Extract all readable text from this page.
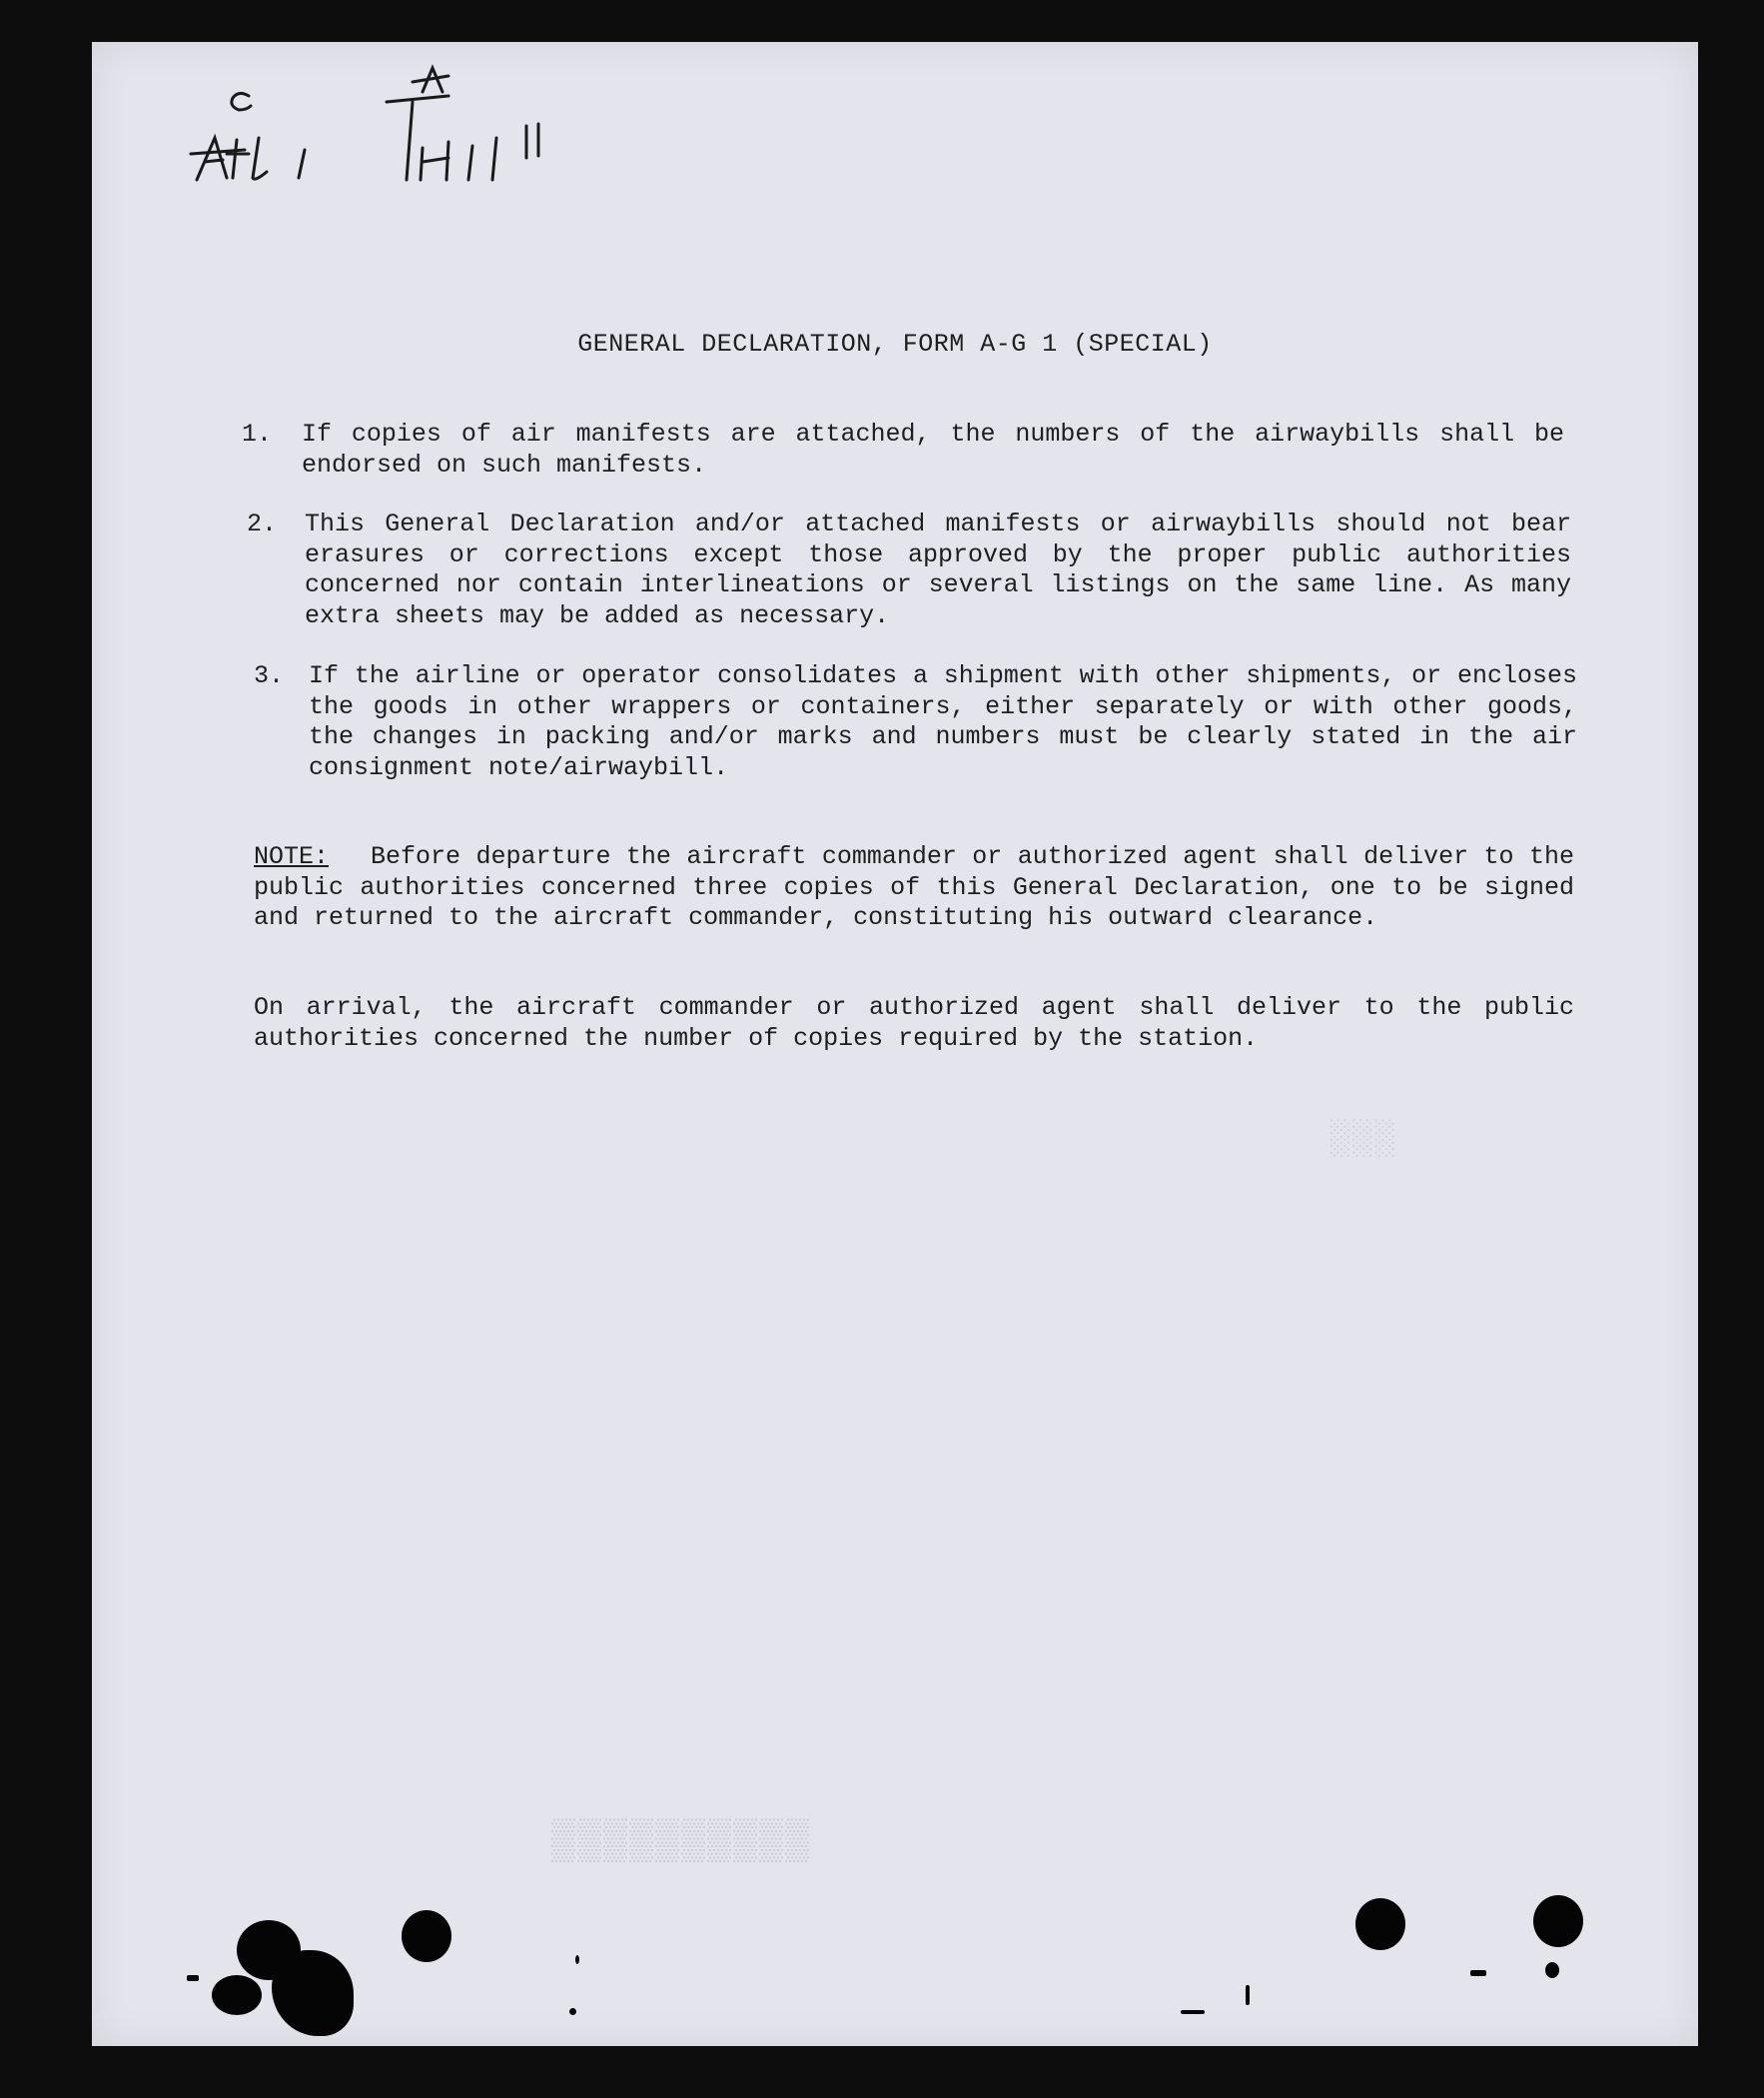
░░░
▒▒▒▒▒▒▒▒▒▒
GENERAL DECLARATION, FORM A-G 1 (SPECIAL)
1. If copies of air manifests are attached, the numbers of the airwaybills shall be endorsed on such manifests.
2. This General Declaration and/or attached manifests or airwaybills should not bear erasures or corrections except those approved by the proper public authorities concerned nor contain interlineations or several listings on the same line. As many extra sheets may be added as necessary.
3. If the airline or operator consolidates a shipment with other shipments, or encloses the goods in other wrappers or containers, either separately or with other goods, the changes in packing and/or marks and numbers must be clearly stated in the air consignment note/airwaybill.
NOTE: Before departure the aircraft commander or authorized agent shall deliver to the public authorities concerned three copies of this General Declaration, one to be signed and returned to the aircraft commander, constituting his outward clearance.
On arrival, the aircraft commander or authorized agent shall deliver to the public authorities concerned the number of copies required by the station.
